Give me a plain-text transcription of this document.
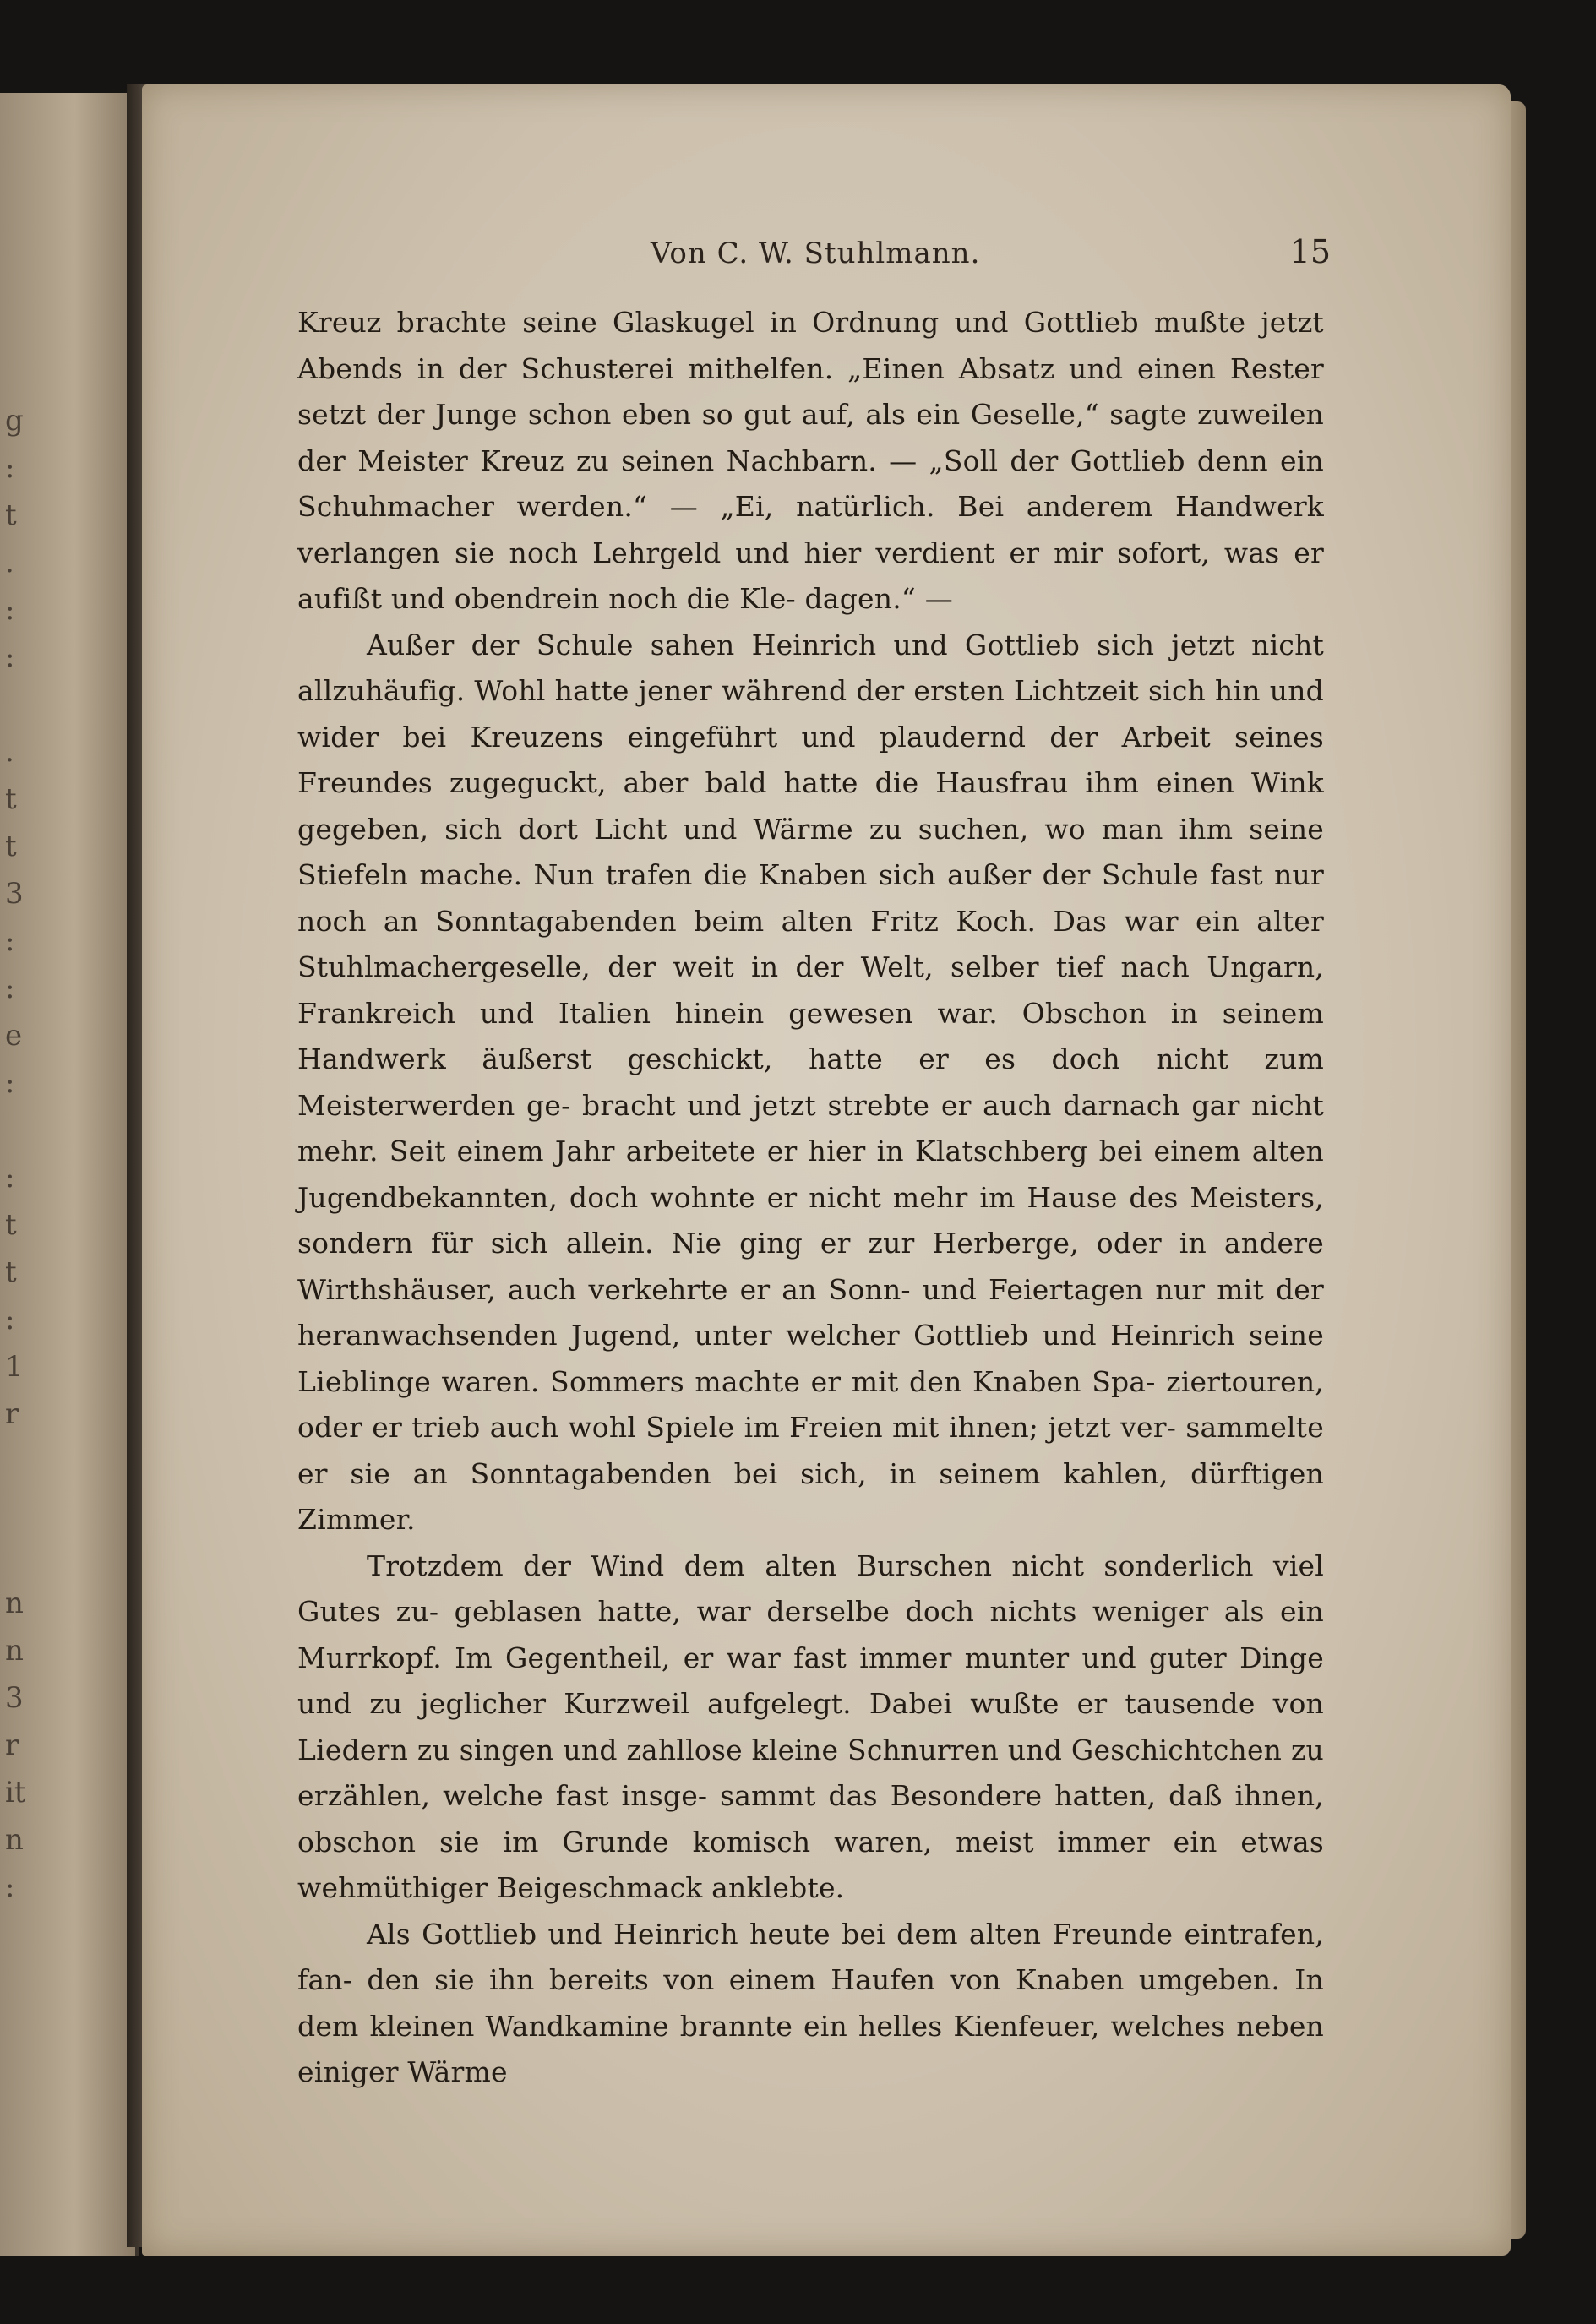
g
:
t
.
:
:

.
t
t
3
:
:
e
:

:
t
t
:
1
r

n
n
3
r
it
n
:
Von C. W. Stuhlmann.	15

Kreuz brachte seine Glaskugel in Ordnung und Gottlieb mußte jetzt Abends in der Schusterei mithelfen. „Einen Absatz und einen Rester setzt der Junge schon eben so gut auf, als ein Geselle,“ sagte zuweilen der Meister Kreuz zu seinen Nachbarn. — „Soll der Gottlieb denn ein Schuhmacher werden.“ — „Ei, natürlich. Bei anderem Handwerk verlangen sie noch Lehrgeld und hier verdient er mir sofort, was er aufißt und obendrein noch die Kle- dagen.“ —

Außer der Schule sahen Heinrich und Gottlieb sich jetzt nicht allzuhäufig. Wohl hatte jener während der ersten Lichtzeit sich hin und wider bei Kreuzens eingeführt und plaudernd der Arbeit seines Freundes zugeguckt, aber bald hatte die Hausfrau ihm einen Wink gegeben, sich dort Licht und Wärme zu suchen, wo man ihm seine Stiefeln mache. Nun trafen die Knaben sich außer der Schule fast nur noch an Sonntagabenden beim alten Fritz Koch. Das war ein alter Stuhlmachergeselle, der weit in der Welt, selber tief nach Ungarn, Frankreich und Italien hinein gewesen war. Obschon in seinem Handwerk äußerst geschickt, hatte er es doch nicht zum Meisterwerden ge- bracht und jetzt strebte er auch darnach gar nicht mehr. Seit einem Jahr arbeitete er hier in Klatschberg bei einem alten Jugendbekannten, doch wohnte er nicht mehr im Hause des Meisters, sondern für sich allein. Nie ging er zur Herberge, oder in andere Wirthshäuser, auch verkehrte er an Sonn- und Feiertagen nur mit der heranwachsenden Jugend, unter welcher Gottlieb und Heinrich seine Lieblinge waren. Sommers machte er mit den Knaben Spa- ziertouren, oder er trieb auch wohl Spiele im Freien mit ihnen; jetzt ver- sammelte er sie an Sonntagabenden bei sich, in seinem kahlen, dürftigen Zimmer.

Trotzdem der Wind dem alten Burschen nicht sonderlich viel Gutes zu- geblasen hatte, war derselbe doch nichts weniger als ein Murrkopf. Im Gegentheil, er war fast immer munter und guter Dinge und zu jeglicher Kurzweil aufgelegt. Dabei wußte er tausende von Liedern zu singen und zahllose kleine Schnurren und Geschichtchen zu erzählen, welche fast insge- sammt das Besondere hatten, daß ihnen, obschon sie im Grunde komisch waren, meist immer ein etwas wehmüthiger Beigeschmack anklebte.

Als Gottlieb und Heinrich heute bei dem alten Freunde eintrafen, fan- den sie ihn bereits von einem Haufen von Knaben umgeben. In dem kleinen Wandkamine brannte ein helles Kienfeuer, welches neben einiger Wärme
